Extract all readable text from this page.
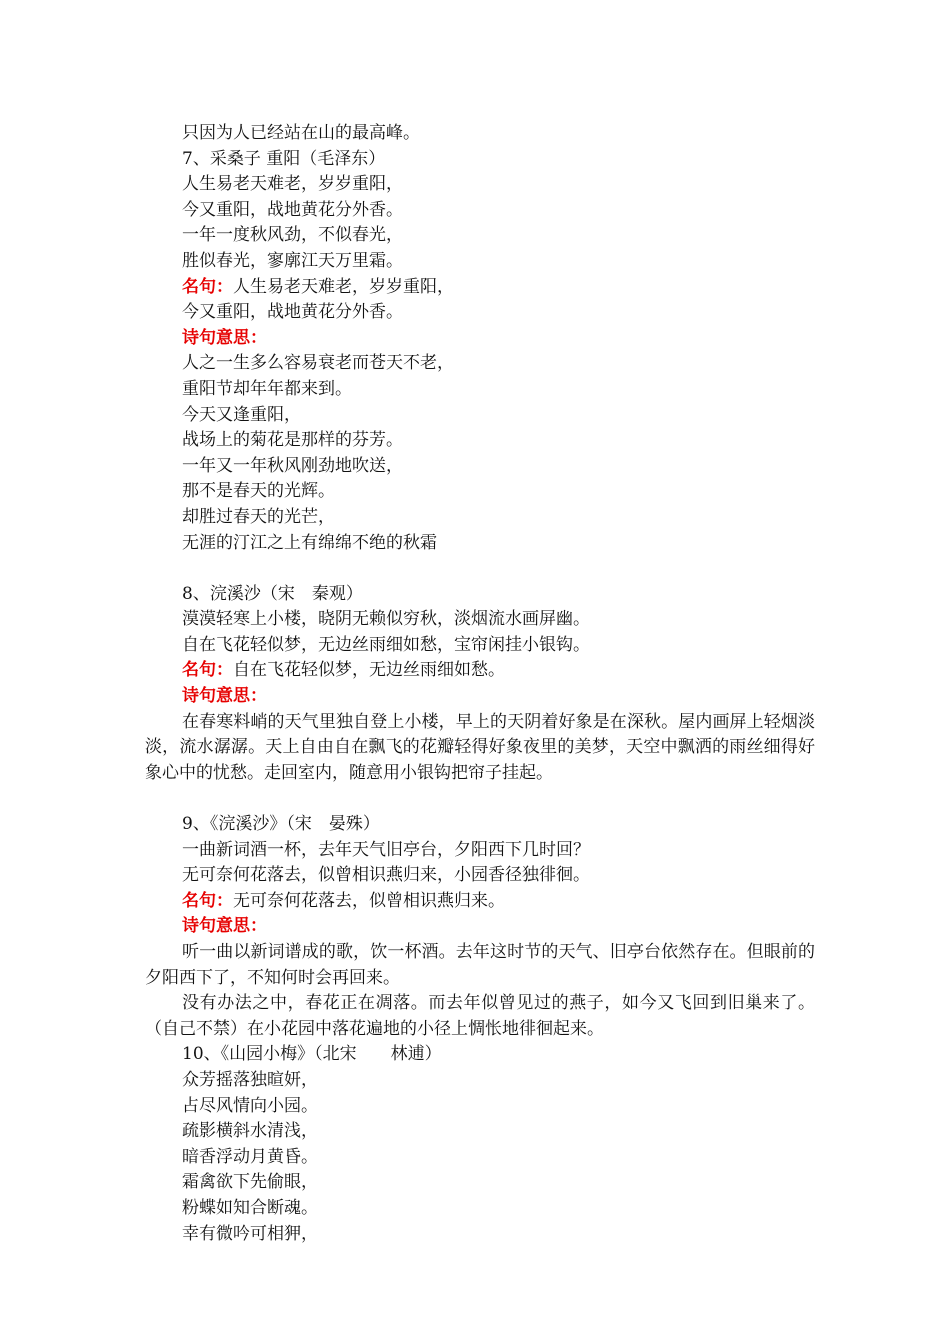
只因为人已经站在山的最高峰。
7、采桑子 重阳（毛泽东）
人生易老天难老，岁岁重阳，
今又重阳，战地黄花分外香。
一年一度秋风劲，不似春光，
胜似春光，寥廓江天万里霜。
名句：人生易老天难老，岁岁重阳，
今又重阳，战地黄花分外香。
诗句意思：
人之一生多么容易衰老而苍天不老，
重阳节却年年都来到。
今天又逢重阳，
战场上的菊花是那样的芬芳。
一年又一年秋风刚劲地吹送，
那不是春天的光辉。
却胜过春天的光芒，
无涯的汀江之上有绵绵不绝的秋霜
8、浣溪沙（宋　秦观）
漠漠轻寒上小楼，晓阴无赖似穷秋，淡烟流水画屏幽。
自在飞花轻似梦，无边丝雨细如愁，宝帘闲挂小银钩。
名句：自在飞花轻似梦，无边丝雨细如愁。
诗句意思：
在春寒料峭的天气里独自登上小楼，早上的天阴着好象是在深秋。屋内画屏上轻烟淡淡，流水潺潺。天上自由自在飘飞的花瓣轻得好象夜里的美梦，天空中飘洒的雨丝细得好象心中的忧愁。走回室内，随意用小银钩把帘子挂起。
9、《浣溪沙》（宋　晏殊）
一曲新词酒一杯，去年天气旧亭台，夕阳西下几时回？
无可奈何花落去，似曾相识燕归来，小园香径独徘徊。
名句：无可奈何花落去，似曾相识燕归来。
诗句意思：
听一曲以新词谱成的歌，饮一杯酒。去年这时节的天气、旧亭台依然存在。但眼前的夕阳西下了，不知何时会再回来。
没有办法之中，春花正在凋落。而去年似曾见过的燕子，如今又飞回到旧巢来了。（自己不禁）在小花园中落花遍地的小径上惆怅地徘徊起来。
10、《山园小梅》（北宋　　林逋）
众芳摇落独暄妍，
占尽风情向小园。
疏影横斜水清浅，
暗香浮动月黄昏。
霜禽欲下先偷眼，
粉蝶如知合断魂。
幸有微吟可相狎，
